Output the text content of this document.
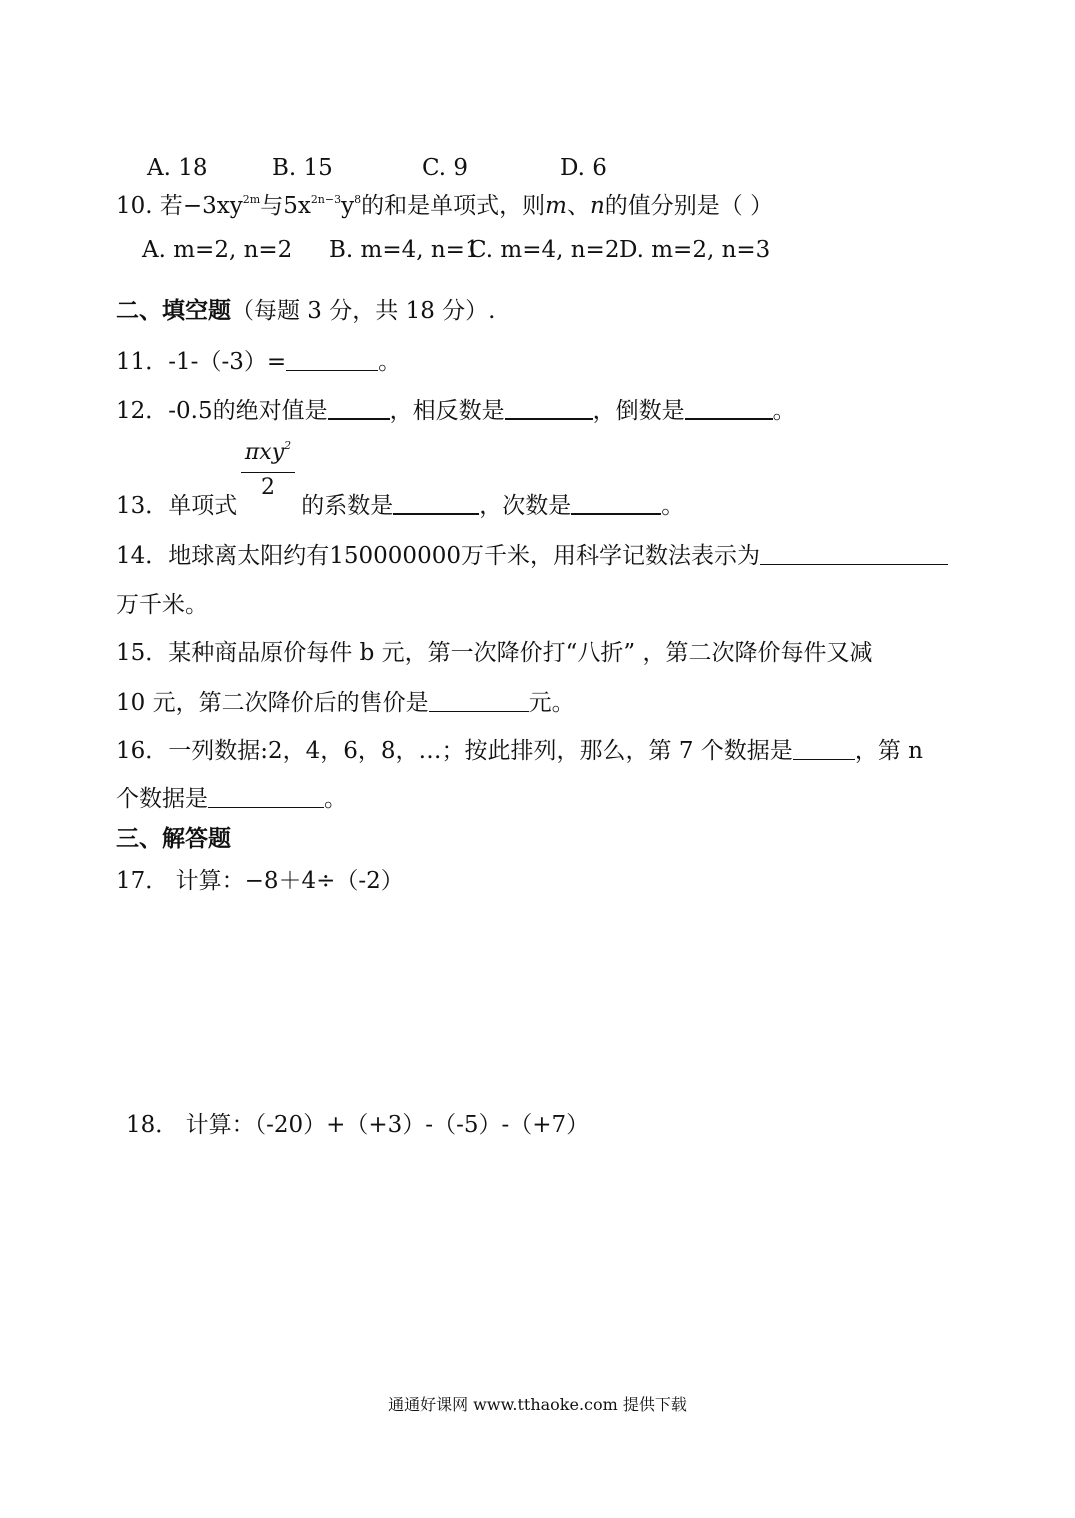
A. 18	B. 15	C. 9	D. 6
10. 若$-3xy^{2m}$与$5x^{2n-3}y^8$的和是单项式，则m、n的值分别是（ ）
A. m=2, n=2 B. m=4, n=1C. m=4, n=2D. m=2, n=3
二、填空题（每题 3 分，共 18 分）.
11．-1-（-3）=	。
12．-0.5的绝对值是	，相反数是	，倒数是	。
πxy$^2$
2
13．单项式	的系数是	，次数是	。
14．地球离太阳约有150000000万千米，用科学记数法表示为
万千米。
15．某种商品原价每件 b 元，第一次降价打“八折” ，第二次降价每件又减
10 元，第二次降价后的售价是	元。
16．一列数据:2，4，6，8，…；按此排列，那么，第 7 个数据是	，第 n
个数据是	。
三、解答题
17． 计算：−8＋4÷（-2）
18． 计算：（-20）+（+3）-（-5）-（+7）
通通好课网 www.tthaoke.com 提供下载
